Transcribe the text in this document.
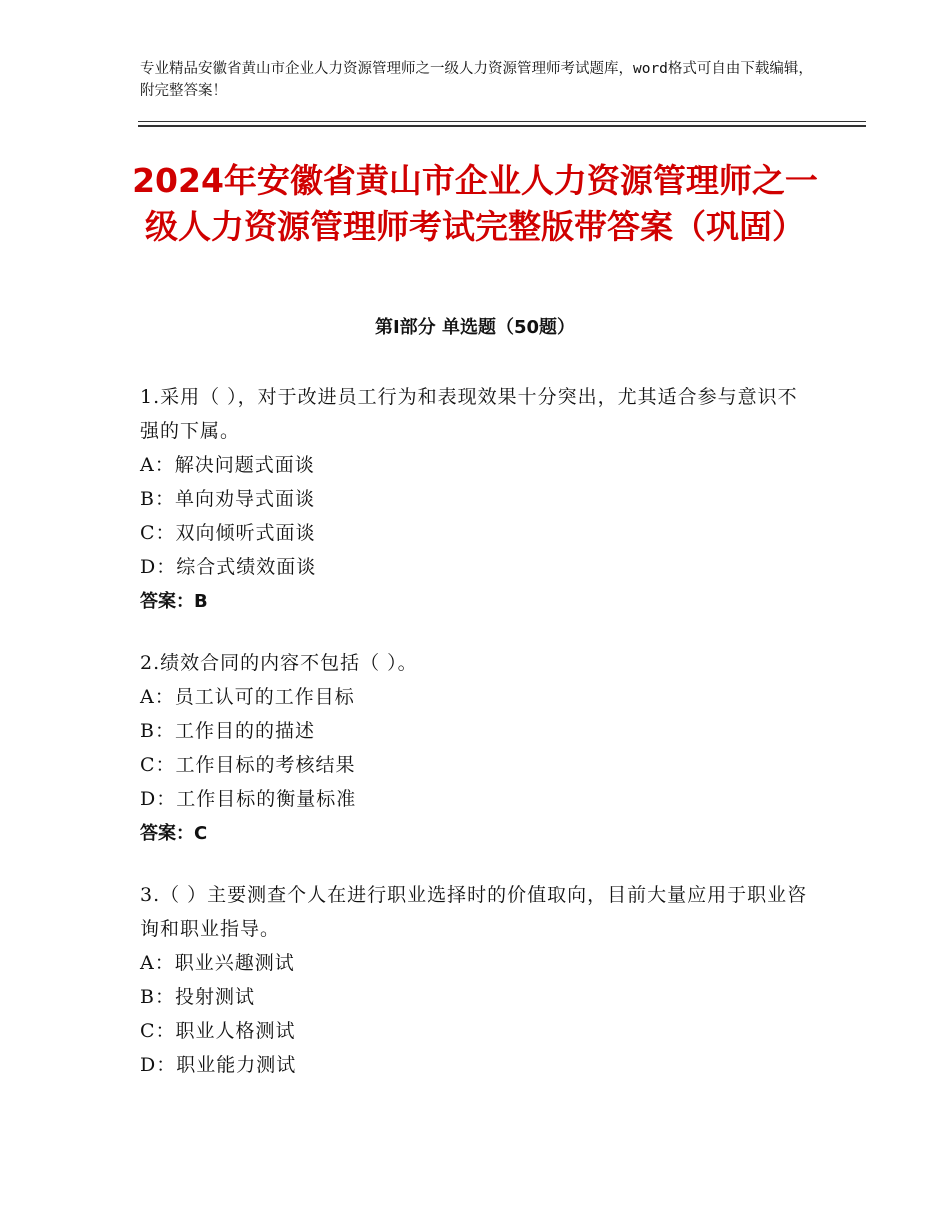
专业精品安徽省黄山市企业人力资源管理师之一级人力资源管理师考试题库，word格式可自由下载编辑，附完整答案！
2024年安徽省黄山市企业人力资源管理师之一级人力资源管理师考试完整版带答案（巩固）
第Ⅰ部分 单选题（50题）
1.采用（ ），对于改进员工行为和表现效果十分突出，尤其适合参与意识不强的下属。
A：解决问题式面谈
B：单向劝导式面谈
C：双向倾听式面谈
D：综合式绩效面谈
答案：B
2.绩效合同的内容不包括（ ）。
A：员工认可的工作目标
B：工作目的的描述
C：工作目标的考核结果
D：工作目标的衡量标准
答案：C
3.（ ）主要测查个人在进行职业选择时的价值取向，目前大量应用于职业咨询和职业指导。
A：职业兴趣测试
B：投射测试
C：职业人格测试
D：职业能力测试
